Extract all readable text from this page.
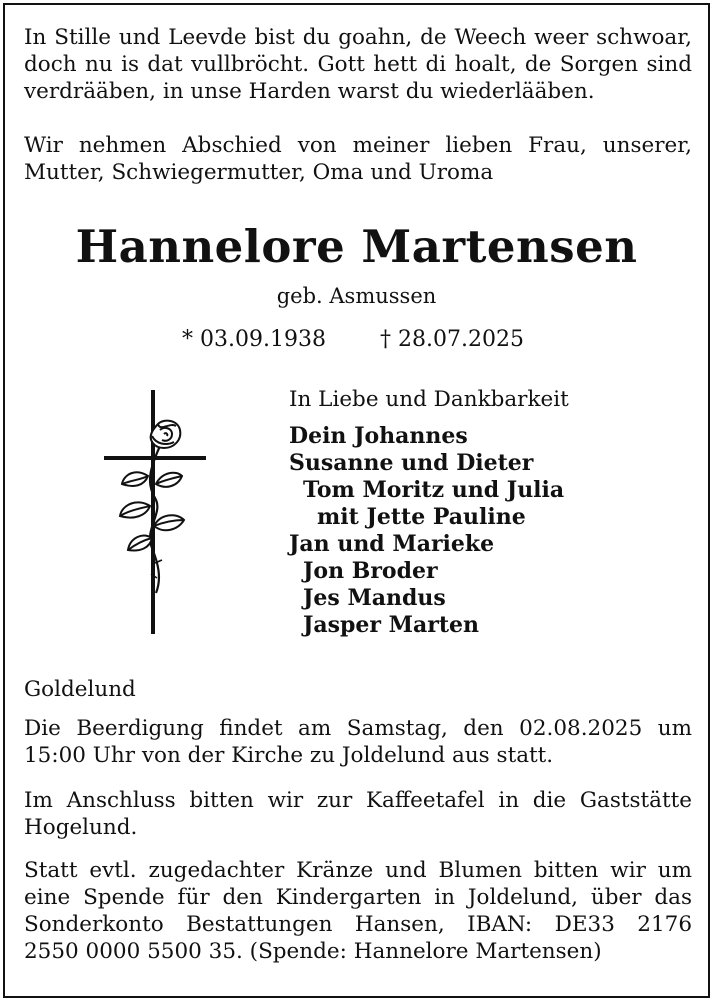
In Stille und Leevde bist du goahn, de Weech weer schwoar,
doch nu is dat vullbröcht. Gott hett di hoalt, de Sorgen sind
verdrääben, in unse Harden warst du wiederlääben.
Wir nehmen Abschied von meiner lieben Frau, unserer,
Mutter, Schwiegermutter, Oma und Uroma
Hannelore Martensen
geb. Asmussen
* 03.09.1938 † 28.07.2025
In Liebe und Dankbarkeit
Dein Johannes
Susanne und Dieter
Tom Moritz und Julia
mit Jette Pauline
Jan und Marieke
Jon Broder
Jes Mandus
Jasper Marten
Goldelund
Die Beerdigung findet am Samstag, den 02.08.2025 um
15:00 Uhr von der Kirche zu Joldelund aus statt.
Im Anschluss bitten wir zur Kaffeetafel in die Gaststätte
Hogelund.
Statt evtl. zugedachter Kränze und Blumen bitten wir um
eine Spende für den Kindergarten in Joldelund, über das
Sonderkonto Bestattungen Hansen, IBAN: DE33 2176
2550 0000 5500 35. (Spende: Hannelore Martensen)
